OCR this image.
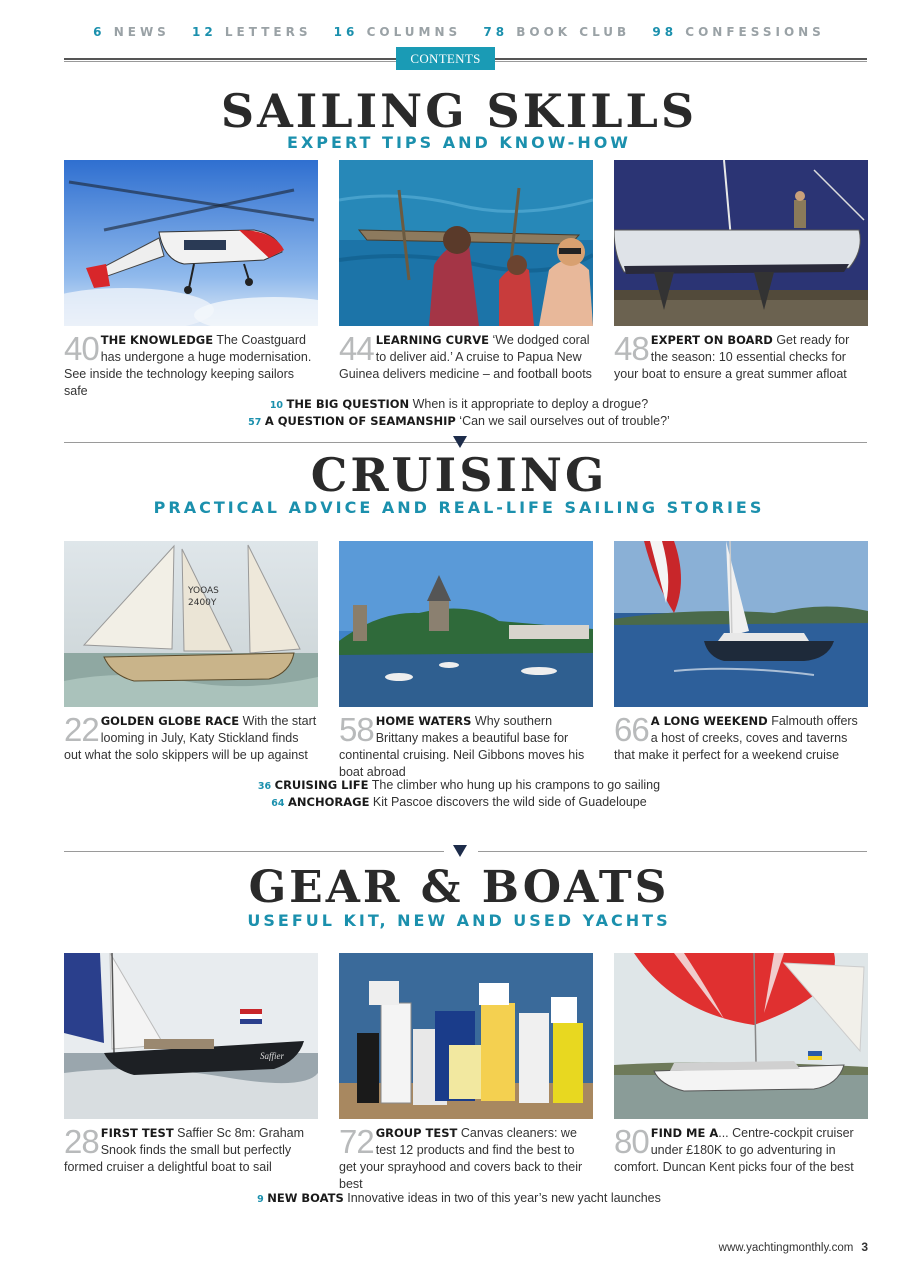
6 NEWS 12 LETTERS 16 COLUMNS 78 BOOK CLUB 98 CONFESSIONS
CONTENTS
SAILING SKILLS
EXPERT TIPS AND KNOW-HOW
40 THE KNOWLEDGE The Coastguard has undergone a huge modernisation. See inside the technology keeping sailors safe
44 LEARNING CURVE ‘We dodged coral to deliver aid.’ A cruise to Papua New Guinea delivers medicine – and football boots
48 EXPERT ON BOARD Get ready for the season: 10 essential checks for your boat to ensure a great summer afloat
10 THE BIG QUESTION When is it appropriate to deploy a drogue?
57 A QUESTION OF SEAMANSHIP ‘Can we sail ourselves out of trouble?’
CRUISING
PRACTICAL ADVICE AND REAL-LIFE SAILING STORIES
YOOAS
2400Y
22 GOLDEN GLOBE RACE With the start looming in July, Katy Stickland finds out what the solo skippers will be up against
58 HOME WATERS Why southern Brittany makes a beautiful base for continental cruising. Neil Gibbons moves his boat abroad
66 A LONG WEEKEND Falmouth offers a host of creeks, coves and taverns that make it perfect for a weekend cruise
36 CRUISING LIFE The climber who hung up his crampons to go sailing
64 ANCHORAGE Kit Pascoe discovers the wild side of Guadeloupe
GEAR & BOATS
USEFUL KIT, NEW AND USED YACHTS
Saffier
28 FIRST TEST Saffier Sc 8m: Graham Snook finds the small but perfectly formed cruiser a delightful boat to sail
72 GROUP TEST Canvas cleaners: we test 12 products and find the best to get your sprayhood and covers back to their best
80 FIND ME A... Centre-cockpit cruiser under £180K to go adventuring in comfort. Duncan Kent picks four of the best
9 NEW BOATS Innovative ideas in two of this year’s new yacht launches
www.yachtingmonthly.com 3
